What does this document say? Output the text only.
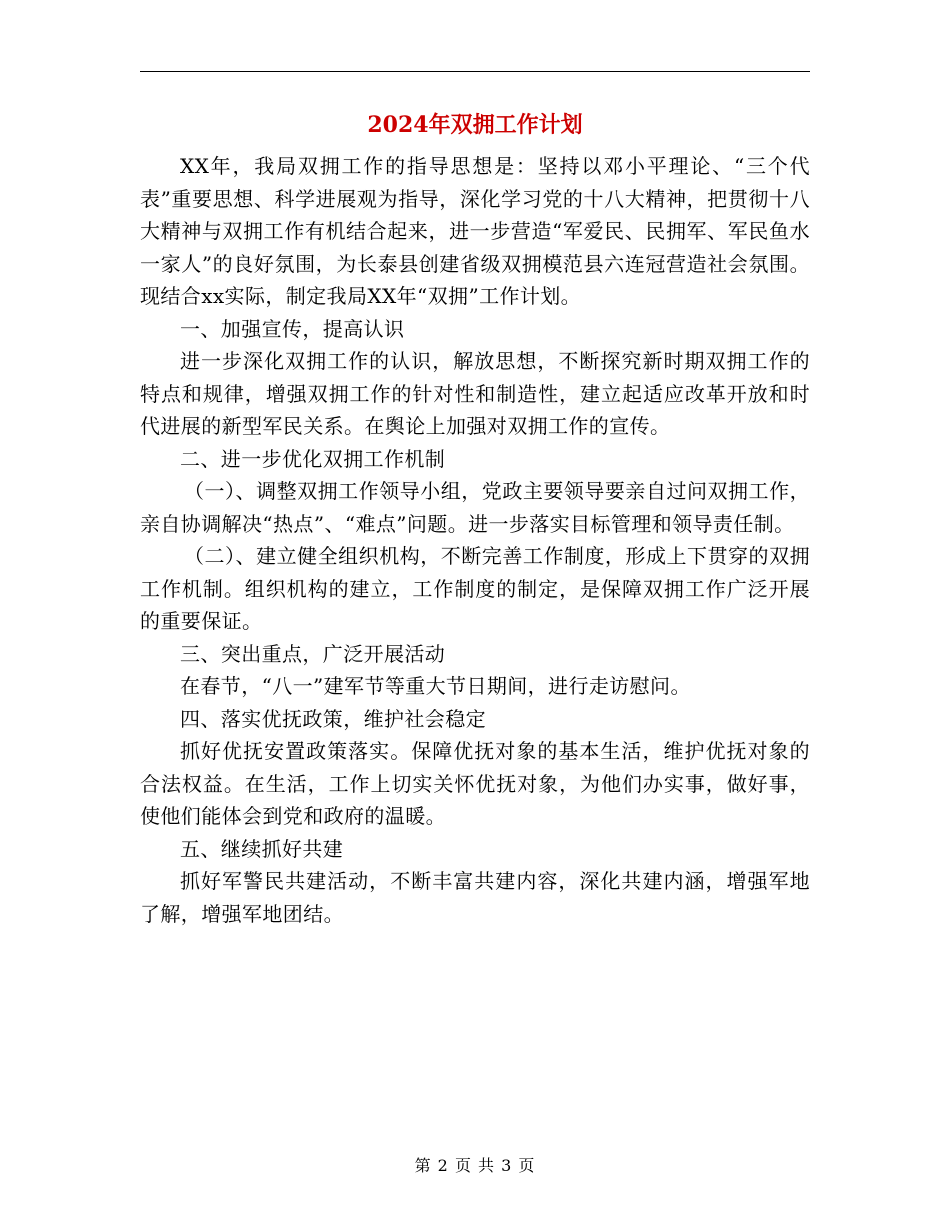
2024年双拥工作计划

XX年，我局双拥工作的指导思想是：坚持以邓小平理论、“三个代表”重要思想、科学进展观为指导，深化学习党的十八大精神，把贯彻十八大精神与双拥工作有机结合起来，进一步营造“军爱民、民拥军、军民鱼水一家人”的良好氛围，为长泰县创建省级双拥模范县六连冠营造社会氛围。现结合xx实际，制定我局XX年“双拥”工作计划。

一、加强宣传，提高认识

进一步深化双拥工作的认识，解放思想，不断探究新时期双拥工作的特点和规律，增强双拥工作的针对性和制造性，建立起适应改革开放和时代进展的新型军民关系。在舆论上加强对双拥工作的宣传。

二、进一步优化双拥工作机制

（一）、调整双拥工作领导小组，党政主要领导要亲自过问双拥工作，亲自协调解决“热点”、“难点”问题。进一步落实目标管理和领导责任制。

（二）、建立健全组织机构，不断完善工作制度，形成上下贯穿的双拥工作机制。组织机构的建立，工作制度的制定，是保障双拥工作广泛开展的重要保证。

三、突出重点，广泛开展活动

在春节，“八一”建军节等重大节日期间，进行走访慰问。

四、落实优抚政策，维护社会稳定

抓好优抚安置政策落实。保障优抚对象的基本生活，维护优抚对象的合法权益。在生活，工作上切实关怀优抚对象，为他们办实事，做好事，使他们能体会到党和政府的温暖。

五、继续抓好共建

抓好军警民共建活动，不断丰富共建内容，深化共建内涵，增强军地了解，增强军地团结。

第 2 页 共 3 页
